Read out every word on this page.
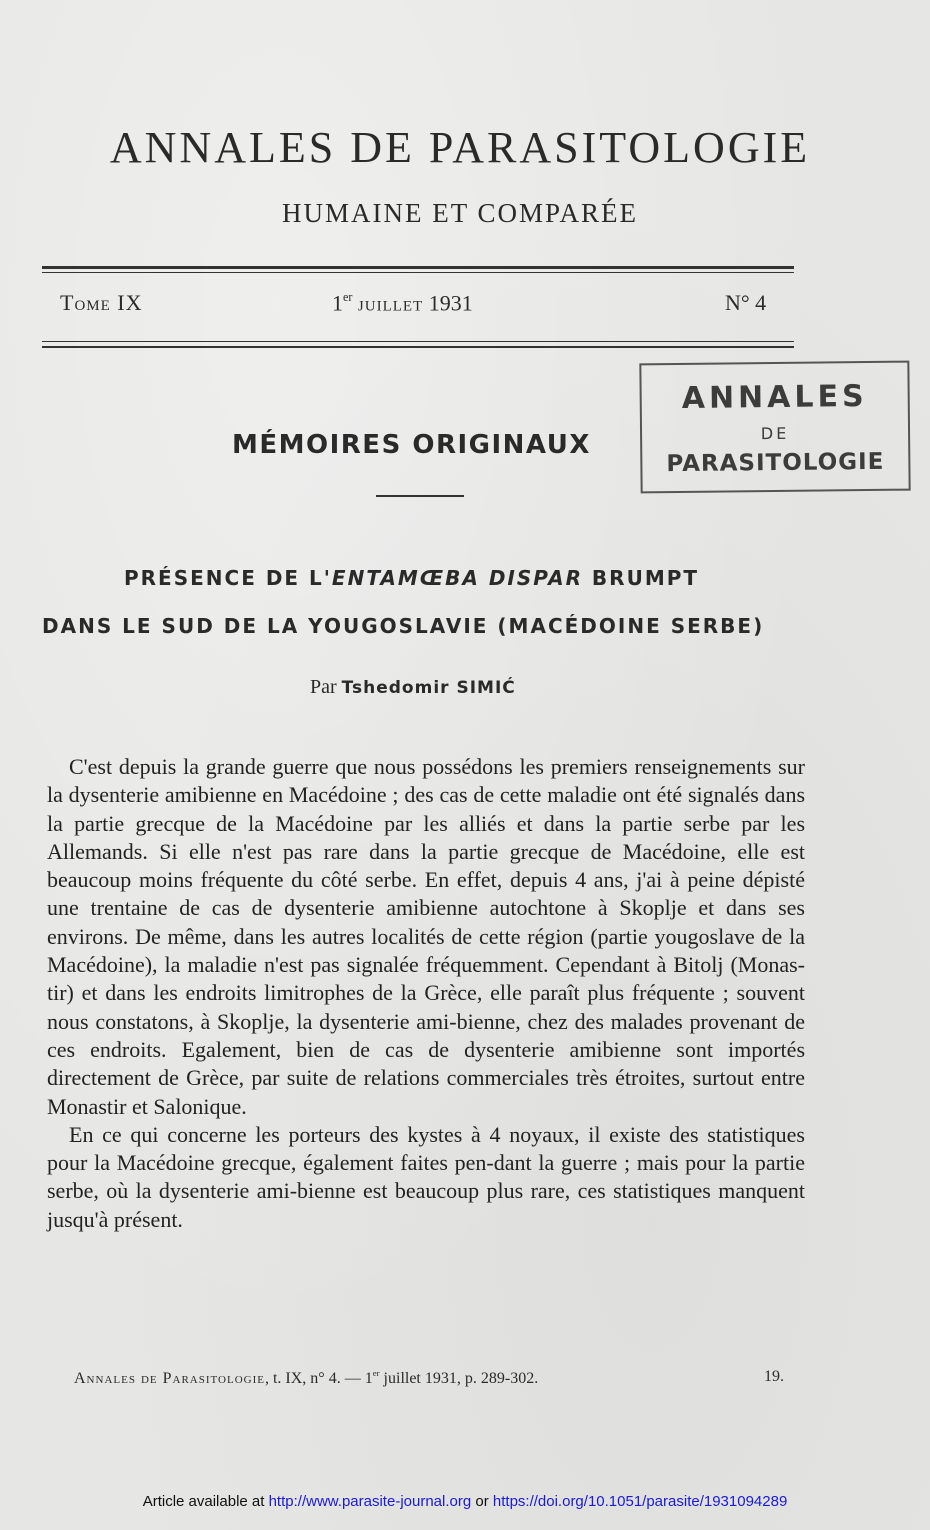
ANNALES DE PARASITOLOGIE
HUMAINE ET COMPARÉE
Tome IX	1er juillet 1931	N° 4
ANNALES
DE
PARASITOLOGIE
MÉMOIRES ORIGINAUX
PRÉSENCE DE L'ENTAMŒBA DISPAR BRUMPT
DANS LE SUD DE LA YOUGOSLAVIE (MACÉDOINE SERBE)
Par Tshedomir SIMIĆ

C'est depuis la grande guerre que nous possédons les premiers renseignements sur la dysenterie amibienne en Macédoine ; des cas de cette maladie ont été signalés dans la partie grecque de la Macédoine par les alliés et dans la partie serbe par les Allemands. Si elle n'est pas rare dans la partie grecque de Macédoine, elle est beaucoup moins fréquente du côté serbe. En effet, depuis 4 ans, j'ai à peine dépisté une trentaine de cas de dysenterie amibienne autochtone à Skoplje et dans ses environs. De même, dans les autres localités de cette région (partie yougoslave de la Macédoine), la maladie n'est pas signalée fréquemment. Cependant à Bitolj (Monas-tir) et dans les endroits limitrophes de la Grèce, elle paraît plus fréquente ; souvent nous constatons, à Skoplje, la dysenterie ami-bienne, chez des malades provenant de ces endroits. Egalement, bien de cas de dysenterie amibienne sont importés directement de Grèce, par suite de relations commerciales très étroites, surtout entre Monastir et Salonique.

En ce qui concerne les porteurs des kystes à 4 noyaux, il existe des statistiques pour la Macédoine grecque, également faites pen-dant la guerre ; mais pour la partie serbe, où la dysenterie ami-bienne est beaucoup plus rare, ces statistiques manquent jusqu'à présent.

Annales de Parasitologie, t. IX, n° 4. — 1er juillet 1931, p. 289-302.	19.
Article available at http://www.parasite-journal.org or https://doi.org/10.1051/parasite/1931094289
